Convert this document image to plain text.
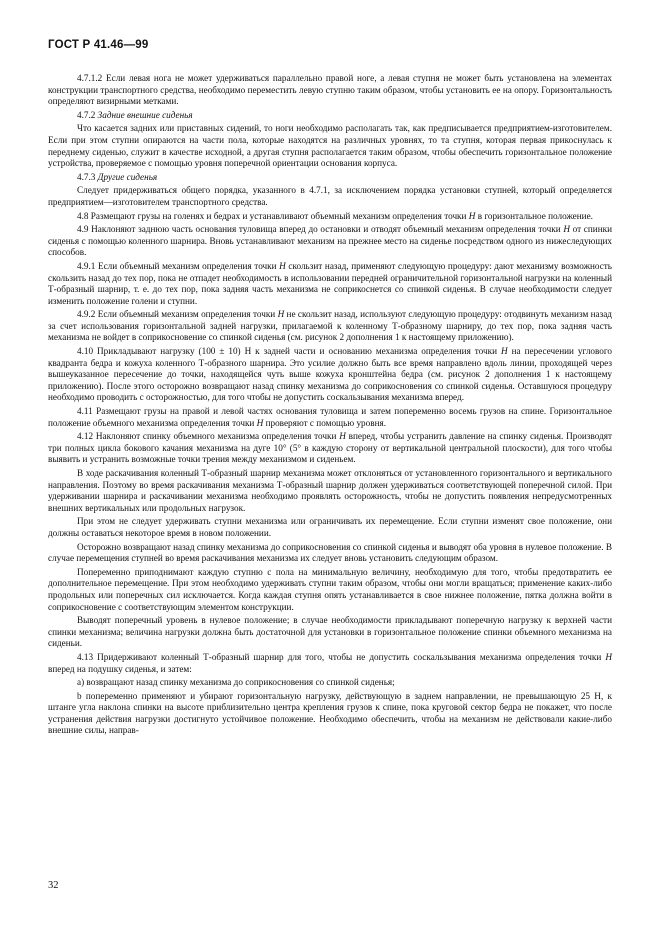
ГОСТ Р 41.46—99

4.7.1.2 Если левая нога не может удерживаться параллельно правой ноге, а левая ступня не может быть установлена на элементах конструкции транспортного средства, необходимо переместить левую ступню таким образом, чтобы установить ее на опору. Горизонтальность определяют визирными метками.

4.7.2 Задние внешние сиденья

Что касается задних или приставных сидений, то ноги необходимо располагать так, как предписывается предприятием-изготовителем. Если при этом ступни опираются на части пола, которые находятся на различных уровнях, то та ступня, которая первая прикоснулась к переднему сиденью, служит в качестве исходной, а другая ступня располагается таким образом, чтобы обеспечить горизонтальное положение устройства, проверяемое с помощью уровня поперечной ориентации основания корпуса.

4.7.3 Другие сиденья

Следует придерживаться общего порядка, указанного в 4.7.1, за исключением порядка установки ступней, который определяется предприятием—изготовителем транспортного средства.

4.8 Размещают грузы на голенях и бедрах и устанавливают объемный механизм определения точки Н в горизонтальное положение.

4.9 Наклоняют заднюю часть основания туловища вперед до остановки и отводят объемный механизм определения точки Н от спинки сиденья с помощью коленного шарнира. Вновь устанавливают механизм на прежнее место на сиденье посредством одного из нижеследующих способов.

4.9.1 Если объемный механизм определения точки Н скользит назад, применяют следующую процедуру: дают механизму возможность скользить назад до тех пор, пока не отпадет необходимость в использовании передней ограничительной горизонтальной нагрузки на коленный Т-образный шарнир, т. е. до тех пор, пока задняя часть механизма не соприкоснется со спинкой сиденья. В случае необходимости следует изменить положение голени и ступни.

4.9.2 Если объемный механизм определения точки Н не скользит назад, используют следующую процедуру: отодвинуть механизм назад за счет использования горизонтальной задней нагрузки, прилагаемой к коленному Т-образному шарниру, до тех пор, пока задняя часть механизма не войдет в соприкосновение со спинкой сиденья (см. рисунок 2 дополнения 1 к настоящему приложению).

4.10 Прикладывают нагрузку (100 ± 10) Н к задней части и основанию механизма определения точки Н на пересечении углового квадранта бедра и кожуха коленного Т-образного шарнира. Это усилие должно быть все время направлено вдоль линии, проходящей через вышеуказанное пересечение до точки, находящейся чуть выше кожуха кронштейна бедра (см. рисунок 2 дополнения 1 к настоящему приложению). После этого осторожно возвращают назад спинку механизма до соприкосновения со спинкой сиденья. Оставшуюся процедуру необходимо проводить с осторожностью, для того чтобы не допустить соскальзывания механизма вперед.

4.11 Размещают грузы на правой и левой частях основания туловища и затем попеременно восемь грузов на спине. Горизонтальное положение объемного механизма определения точки Н проверяют с помощью уровня.

4.12 Наклоняют спинку объемного механизма определения точки Н вперед, чтобы устранить давление на спинку сиденья. Производят три полных цикла бокового качания механизма на дуге 10° (5° в каждую сторону от вертикальной центральной плоскости), для того чтобы выявить и устранить возможные точки трения между механизмом и сиденьем.

В ходе раскачивания коленный Т-образный шарнир механизма может отклоняться от установленного горизонтального и вертикального направления. Поэтому во время раскачивания механизма Т-образный шарнир должен удерживаться соответствующей поперечной силой. При удерживании шарнира и раскачивании механизма необходимо проявлять осторожность, чтобы не допустить появления непредусмотренных внешних вертикальных или продольных нагрузок.

При этом не следует удерживать ступни механизма или ограничивать их перемещение. Если ступни изменят свое положение, они должны оставаться некоторое время в новом положении.

Осторожно возвращают назад спинку механизма до соприкосновения со спинкой сиденья и выводят оба уровня в нулевое положение. В случае перемещения ступней во время раскачивания механизма их следует вновь установить следующим образом.

Попеременно приподнимают каждую ступню с пола на минимальную величину, необходимую для того, чтобы предотвратить ее дополнительное перемещение. При этом необходимо удерживать ступни таким образом, чтобы они могли вращаться; применение каких-либо продольных или поперечных сил исключается. Когда каждая ступня опять устанавливается в свое нижнее положение, пятка должна войти в соприкосновение с соответствующим элементом конструкции.

Выводят поперечный уровень в нулевое положение; в случае необходимости прикладывают поперечную нагрузку к верхней части спинки механизма; величина нагрузки должна быть достаточной для установки в горизонтальное положение спинки объемного механизма на сиденьи.

4.13 Придерживают коленный Т-образный шарнир для того, чтобы не допустить соскальзывания механизма определения точки Н вперед на подушку сиденья, и затем:

а) возвращают назад спинку механизма до соприкосновения со спинкой сиденья;

b попеременно применяют и убирают горизонтальную нагрузку, действующую в заднем направлении, не превышающую 25 Н, к штанге угла наклона спинки на высоте приблизительно центра крепления грузов к спине, пока круговой сектор бедра не покажет, что после устранения действия нагрузки достигнуто устойчивое положение. Необходимо обеспечить, чтобы на механизм не действовали какие-либо внешние силы, направ-

32
